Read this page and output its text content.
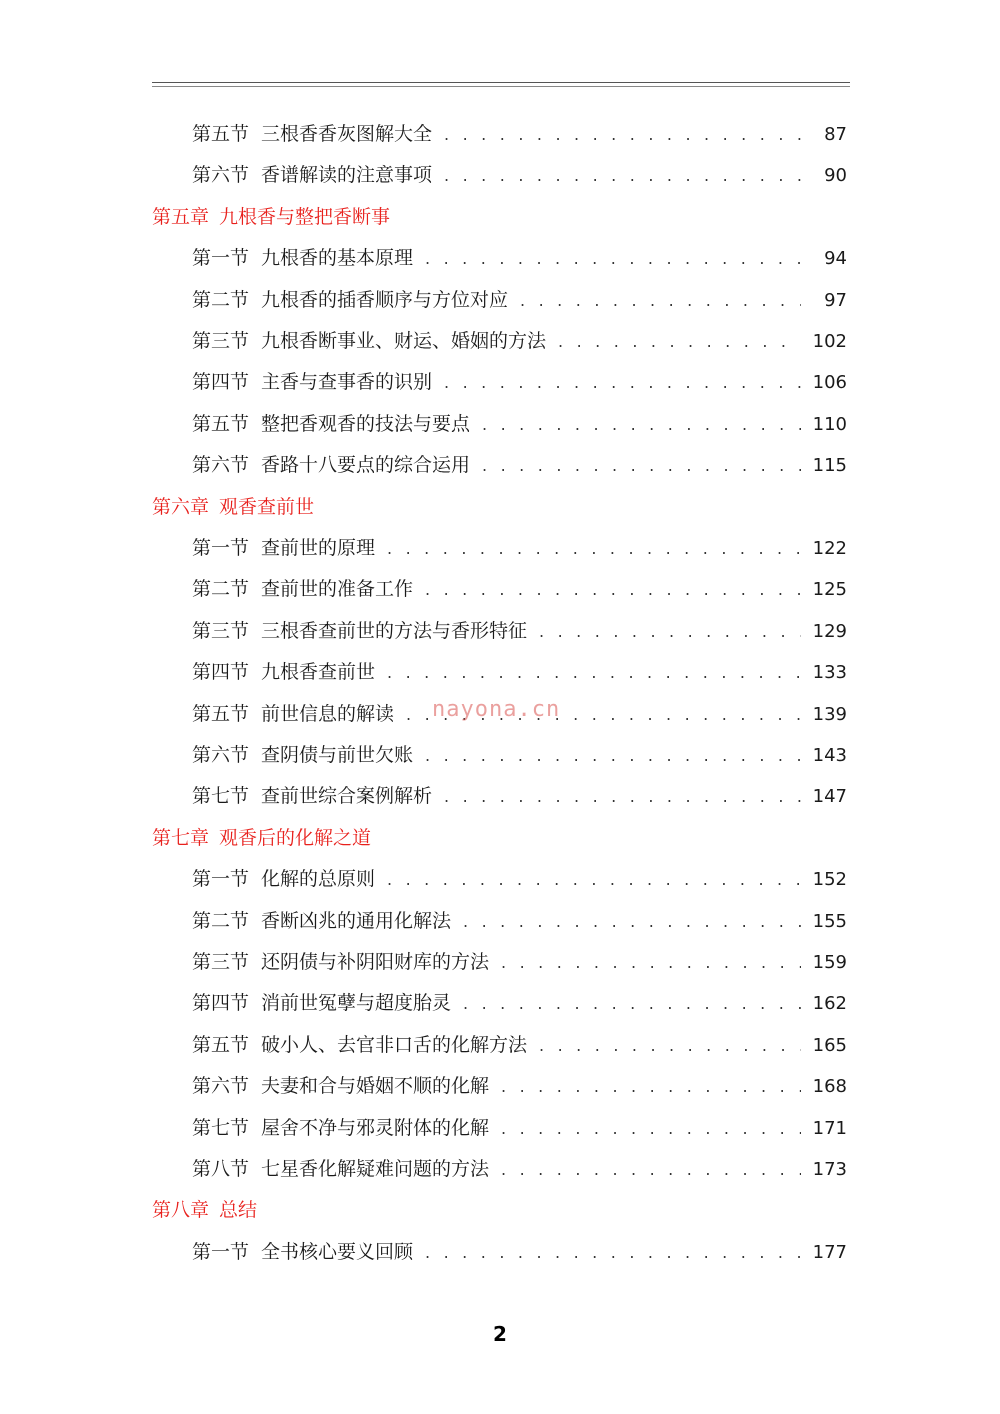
第五节 三根香香灰图解大全 . . .	87
第六节 香谱解读的注意事项 . . .	90
第五章 九根香与整把香断事
第一节 九根香的基本原理 . . .	94
第二节 九根香的插香顺序与方位对应 . . .	97
第三节 九根香断事业、财运、婚姻的方法 . . .	102
第四节 主香与查事香的识别 . . .	106
第五节 整把香观香的技法与要点 . . .	110
第六节 香路十八要点的综合运用 . . .	115
第六章 观香查前世
第一节 查前世的原理 . . .	122
第二节 查前世的准备工作 . . .	125
第三节 三根香查前世的方法与香形特征 . . .	129
第四节 九根香查前世 . . .	133
第五节 前世信息的解读 . . .	139
第六节 查阴债与前世欠账 . . .	143
第七节 查前世综合案例解析 . . .	147
第七章 观香后的化解之道
第一节 化解的总原则 . . .	152
第二节 香断凶兆的通用化解法 . . .	155
第三节 还阴债与补阴阳财库的方法 . . .	159
第四节 消前世冤孽与超度胎灵 . . .	162
第五节 破小人、去官非口舌的化解方法 . . .	165
第六节 夫妻和合与婚姻不顺的化解 . . .	168
第七节 屋舍不净与邪灵附体的化解 . . .	171
第八节 七星香化解疑难问题的方法 . . .	173
第八章 总结
第一节 全书核心要义回顾 . . .	177
nayona.cn
2
